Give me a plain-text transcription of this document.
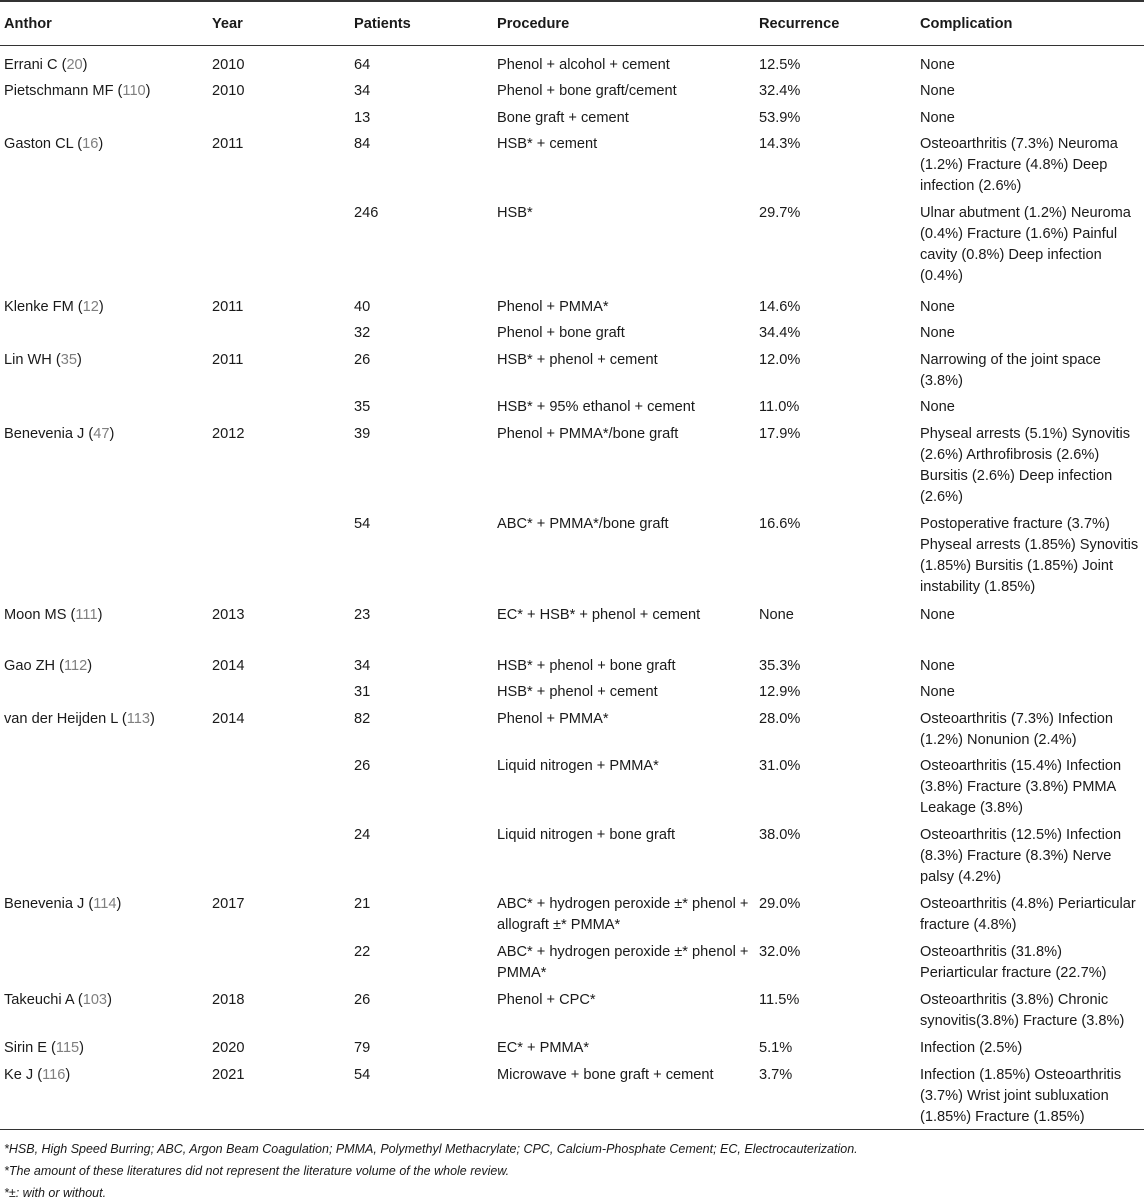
Anthor	Year	Patients	Procedure	Recurrence	Complication
Errani C (20)	2010	64	Phenol + alcohol + cement	12.5%	None
Pietschmann MF (110)	2010	34	Phenol + bone graft/cement	32.4%	None
		13	Bone graft + cement	53.9%	None
Gaston CL (16)	2011	84	HSB* + cement	14.3%	Osteoarthritis (7.3%) Neuroma (1.2%) Fracture (4.8%) Deep infection (2.6%)
		246	HSB*	29.7%	Ulnar abutment (1.2%) Neuroma (0.4%) Fracture (1.6%) Painful cavity (0.8%) Deep infection (0.4%)
Klenke FM (12)	2011	40	Phenol + PMMA*	14.6%	None
		32	Phenol + bone graft	34.4%	None
Lin WH (35)	2011	26	HSB* + phenol + cement	12.0%	Narrowing of the joint space (3.8%)
		35	HSB* + 95% ethanol + cement	11.0%	None
Benevenia J (47)	2012	39	Phenol + PMMA*/bone graft	17.9%	Physeal arrests (5.1%) Synovitis (2.6%) Arthrofibrosis (2.6%) Bursitis (2.6%) Deep infection (2.6%)
		54	ABC* + PMMA*/bone graft	16.6%	Postoperative fracture (3.7%) Physeal arrests (1.85%) Synovitis (1.85%) Bursitis (1.85%) Joint instability (1.85%)
Moon MS (111)	2013	23	EC* + HSB* + phenol + cement	None	None
Gao ZH (112)	2014	34	HSB* + phenol + bone graft	35.3%	None
		31	HSB* + phenol + cement	12.9%	None
van der Heijden L (113)	2014	82	Phenol + PMMA*	28.0%	Osteoarthritis (7.3%) Infection (1.2%) Nonunion (2.4%)
		26	Liquid nitrogen + PMMA*	31.0%	Osteoarthritis (15.4%) Infection (3.8%) Fracture (3.8%) PMMA Leakage (3.8%)
		24	Liquid nitrogen + bone graft	38.0%	Osteoarthritis (12.5%) Infection (8.3%) Fracture (8.3%) Nerve palsy (4.2%)
Benevenia J (114)	2017	21	ABC* + hydrogen peroxide ±* phenol + allograft ±* PMMA*	29.0%	Osteoarthritis (4.8%) Periarticular fracture (4.8%)
		22	ABC* + hydrogen peroxide ±* phenol + PMMA*	32.0%	Osteoarthritis (31.8%) Periarticular fracture (22.7%)
Takeuchi A (103)	2018	26	Phenol + CPC*	11.5%	Osteoarthritis (3.8%) Chronic synovitis(3.8%) Fracture (3.8%)
Sirin E (115)	2020	79	EC* + PMMA*	5.1%	Infection (2.5%)
Ke J (116)	2021	54	Microwave + bone graft + cement	3.7%	Infection (1.85%) Osteoarthritis (3.7%) Wrist joint subluxation (1.85%) Fracture (1.85%)
*HSB, High Speed Burring; ABC, Argon Beam Coagulation; PMMA, Polymethyl Methacrylate; CPC, Calcium-Phosphate Cement; EC, Electrocauterization.
*The amount of these literatures did not represent the literature volume of the whole review.
*±: with or without.
